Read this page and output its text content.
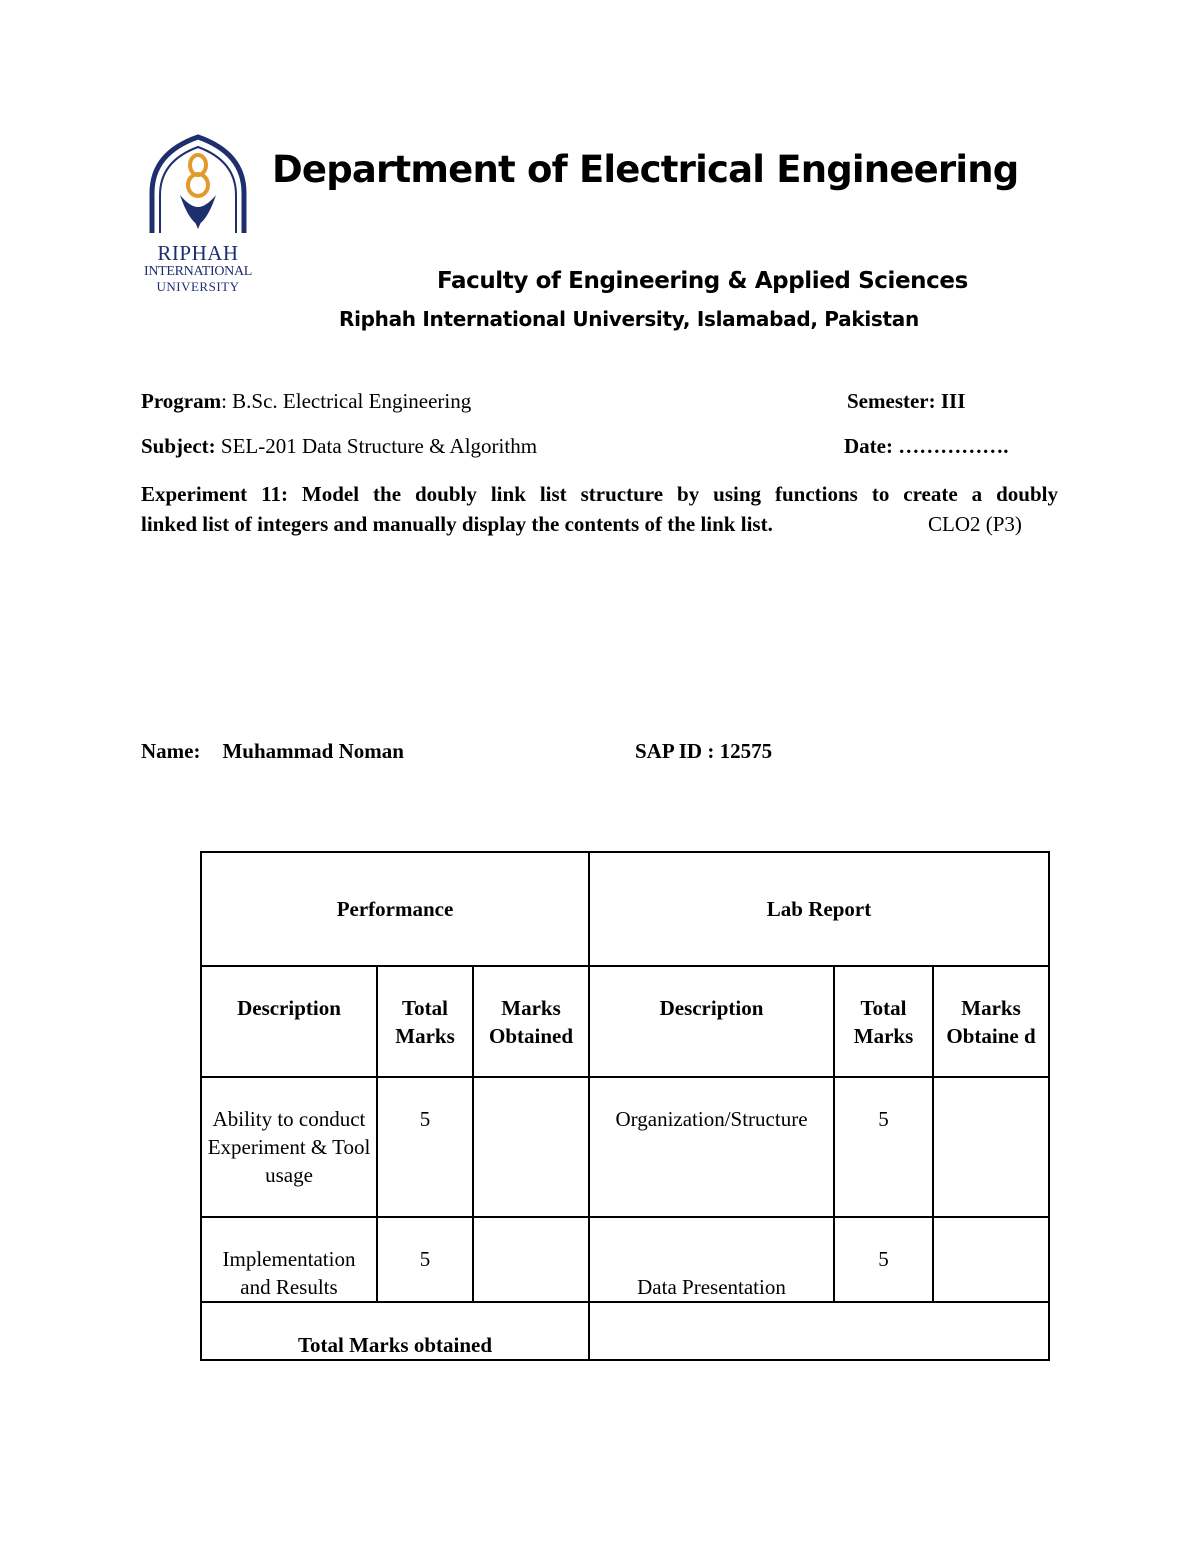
RIPHAH
INTERNATIONAL
UNIVERSITY
Department of Electrical Engineering
Faculty of Engineering & Applied Sciences
Riphah International University, Islamabad, Pakistan
Program: B.Sc. Electrical Engineering	Semester: III
Subject: SEL-201 Data Structure & Algorithm	Date: …………….
Experiment 11: Model the doubly link list structure by using functions to create a doubly
linked list of integers and manually display the contents of the link list.	CLO2 (P3)
Name: Muhammad Noman	SAP ID : 12575
Performance			Lab Report		
Description	Total Marks	Marks Obtained	Description	Total Marks	Marks Obtaine d
Ability to conduct Experiment & Tool usage	5		Organization/Structure	5	
Implementation and Results	5		Data Presentation	5	
Total Marks obtained					
